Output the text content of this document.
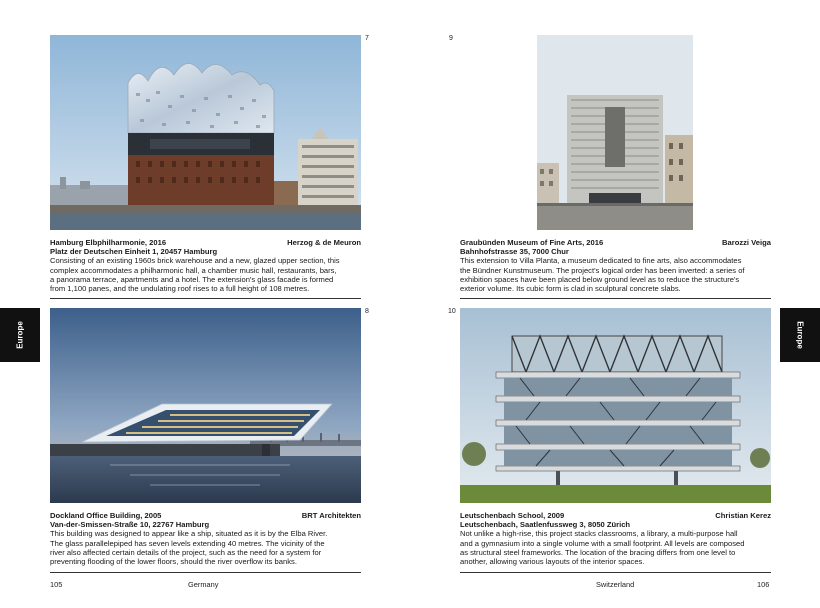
7
8
9
10
Hamburg Elbphilharmonie, 2016	Herzog & de Meuron
Platz der Deutschen Einheit 1, 20457 Hamburg
Consisting of an existing 1960s brick warehouse and a new, glazed upper section, this
complex accommodates a philharmonic hall, a chamber music hall, restaurants, bars,
a panorama terrace, apartments and a hotel. The extension's glass facade is formed
from 1,100 panes, and the undulating roof rises to a full height of 108 metres.
Dockland Office Building, 2005	BRT Architekten
Van-der-Smissen-Straße 10, 22767 Hamburg
This building was designed to appear like a ship, situated as it is by the Elba River.
The glass parallelepiped has seven levels extending 40 metres. The vicinity of the
river also affected certain details of the project, such as the need for a system for
preventing flooding of the lower floors, should the river overflow its banks.
Graubünden Museum of Fine Arts, 2016	Barozzi Veiga
Bahnhofstrasse 35, 7000 Chur
This extension to Villa Planta, a museum dedicated to fine arts, also accommodates
the Bündner Kunstmuseum. The project's logical order has been inverted: a series of
exhibition spaces have been placed below ground level as to reduce the structure's
exterior volume. Its cubic form is clad in sculptural concrete slabs.
Leutschenbach School, 2009	Christian Kerez
Leutschenbach, Saatlenfussweg 3, 8050 Zürich
Not unlike a high-rise, this project stacks classrooms, a library, a multi-purpose hall
and a gymnasium into a single volume with a small footprint. All levels are composed
as structural steel frameworks. The location of the bracing differs from one level to
another, allowing various layouts of the interior spaces.
Europe	Europe
105	Germany	Switzerland	106
